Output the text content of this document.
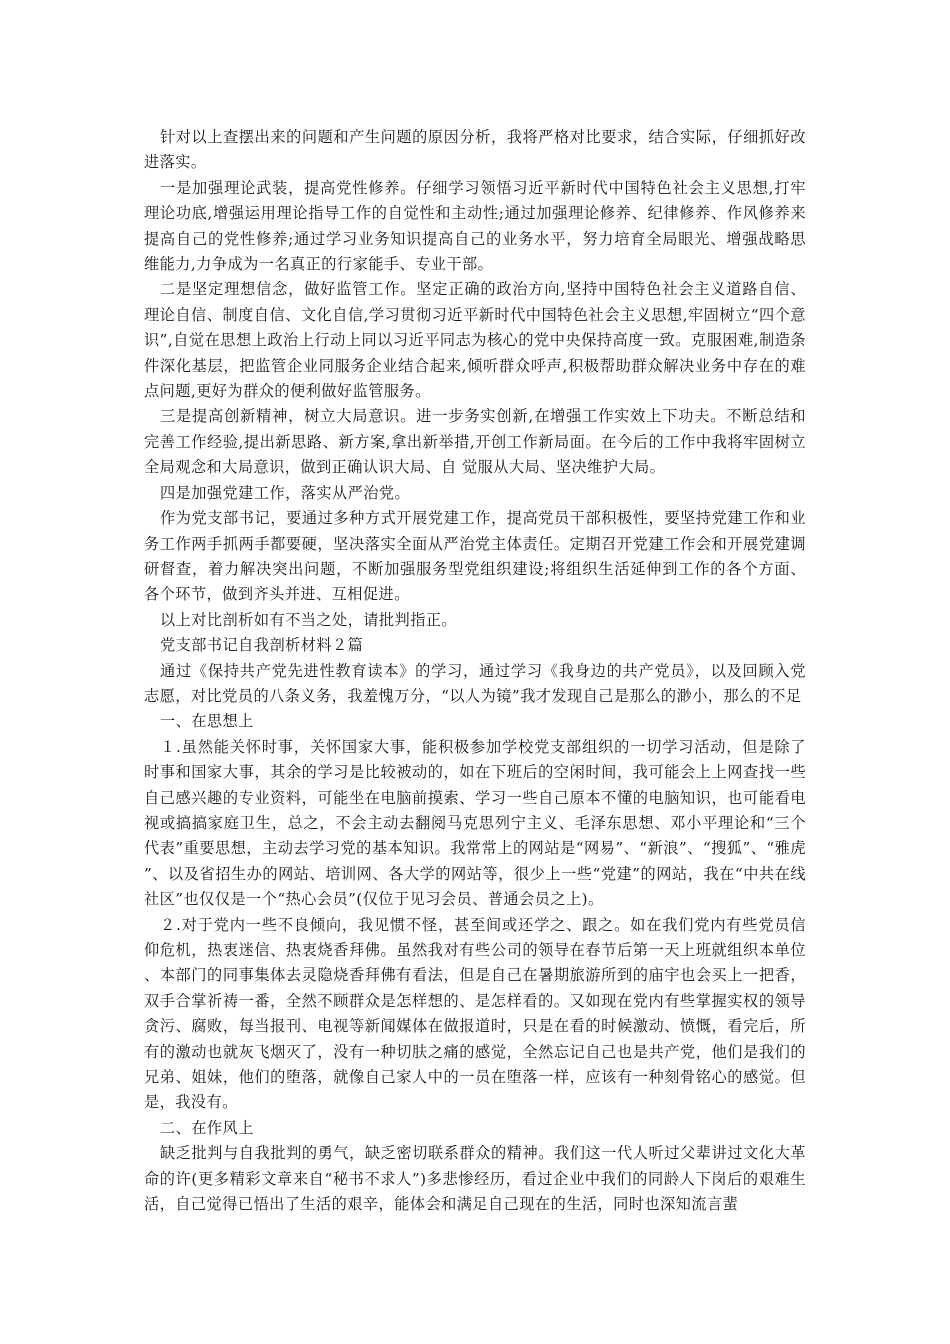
针对以上查摆出来的问题和产生问题的原因分析，我将严格对比要求，结合实际，仔细抓好改进落实。

一是加强理论武装，提高党性修养。仔细学习领悟习近平新时代中国特色社会主义思想,打牢理论功底,增强运用理论指导工作的自觉性和主动性;通过加强理论修养、纪律修养、作风修养来提高自己的党性修养;通过学习业务知识提高自己的业务水平，努力培育全局眼光、增强战略思维能力,力争成为一名真正的行家能手、专业干部。

二是坚定理想信念，做好监管工作。坚定正确的政治方向,坚持中国特色社会主义道路自信、理论自信、制度自信、文化自信,学习贯彻习近平新时代中国特色社会主义思想,牢固树立“四个意识”,自觉在思想上政治上行动上同以习近平同志为核心的党中央保持高度一致。克服困难,制造条件深化基层，把监管企业同服务企业结合起来,倾听群众呼声,积极帮助群众解决业务中存在的难点问题,更好为群众的便利做好监管服务。

三是提高创新精神，树立大局意识。进一步务实创新,在增强工作实效上下功夫。不断总结和完善工作经验,提出新思路、新方案,拿出新举措,开创工作新局面。在今后的工作中我将牢固树立全局观念和大局意识，做到正确认识大局、自 觉服从大局、坚决维护大局。

四是加强党建工作，落实从严治党。

作为党支部书记，要通过多种方式开展党建工作，提高党员干部积极性，要坚持党建工作和业务工作两手抓两手都要硬，坚决落实全面从严治党主体责任。定期召开党建工作会和开展党建调研督查，着力解决突出问题，不断加强服务型党组织建设;将组织生活延伸到工作的各个方面、各个环节，做到齐头并进、互相促进。

以上对比剖析如有不当之处，请批判指正。

党支部书记自我剖析材料２篇

通过《保持共产党先进性教育读本》的学习，通过学习《我身边的共产党员》，以及回顾入党志愿，对比党员的八条义务，我羞愧万分，“以人为镜”我才发现自己是那么的渺小，那么的不足

一、在思想上

１.虽然能关怀时事，关怀国家大事，能积极参加学校党支部组织的一切学习活动，但是除了时事和国家大事，其余的学习是比较被动的，如在下班后的空闲时间，我可能会上上网查找一些自己感兴趣的专业资料，可能坐在电脑前摸索、学习一些自己原本不懂的电脑知识，也可能看电视或搞搞家庭卫生，总之，不会主动去翻阅马克思列宁主义、毛泽东思想、邓小平理论和“三个代表”重要思想，主动去学习党的基本知识。我常常上的网站是“网易”、“新浪”、“搜狐”、“雅虎”、以及省招生办的网站、培训网、各大学的网站等，很少上一些“党建”的网站，我在“中共在线社区”也仅仅是一个“热心会员”(仅位于见习会员、普通会员之上)。

２.对于党内一些不良倾向，我见惯不怪，甚至间或还学之、跟之。如在我们党内有些党员信仰危机，热衷迷信、热衷烧香拜佛。虽然我对有些公司的领导在春节后第一天上班就组织本单位、本部门的同事集体去灵隐烧香拜佛有看法，但是自己在暑期旅游所到的庙宇也会买上一把香，双手合掌祈祷一番，全然不顾群众是怎样想的、是怎样看的。又如现在党内有些掌握实权的领导贪污、腐败，每当报刊、电视等新闻媒体在做报道时，只是在看的时候激动、愤慨，看完后，所有的激动也就灰飞烟灭了，没有一种切肤之痛的感觉，全然忘记自己也是共产党，他们是我们的兄弟、姐妹，他们的堕落，就像自己家人中的一员在堕落一样，应该有一种刻骨铭心的感觉。但是，我没有。

二、在作风上

缺乏批判与自我批判的勇气，缺乏密切联系群众的精神。我们这一代人听过父辈讲过文化大革命的许(更多精彩文章来自“秘书不求人”)多悲惨经历，看过企业中我们的同龄人下岗后的艰难生活，自己觉得已悟出了生活的艰辛，能体会和满足自己现在的生活，同时也深知流言蜚
